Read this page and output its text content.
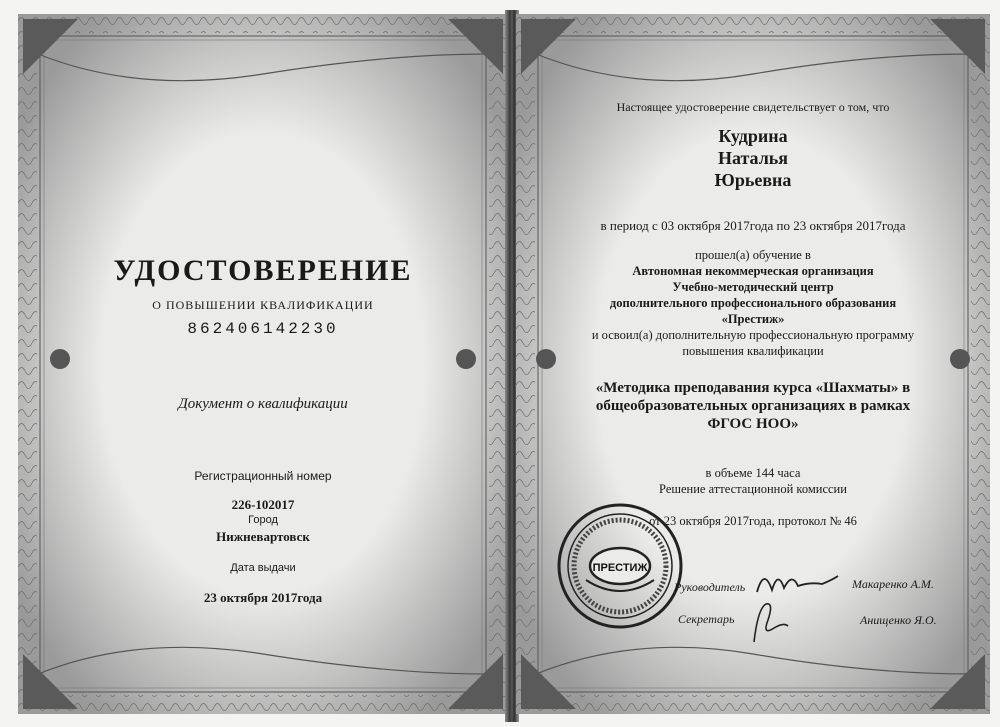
УДОСТОВЕРЕНИЕ
О ПОВЫШЕНИИ КВАЛИФИКАЦИИ
862406142230
Документ о квалификации
Регистрационный номер
226-102017
Город
Нижневартовск
Дата выдачи
23 октября 2017года
Настоящее удостоверение свидетельствует о том, что
Кудрина
Наталья
Юрьевна
в период с 03 октября 2017года по 23 октября 2017года
прошел(а) обучение в
Автономная некоммерческая организация
Учебно-методический центр
дополнительного профессионального образования
«Престиж»
и освоил(а) дополнительную профессиональную программу
повышения квалификации
«Методика преподавания курса «Шахматы» в
общеобразовательных организациях в рамках
ФГОС НОО»
в объеме 144 часа
Решение аттестационной комиссии
от 23 октября 2017года, протокол № 46
ПРЕСТИЖ
Руководитель	Макаренко А.М.
Секретарь	Анищенко Я.О.
